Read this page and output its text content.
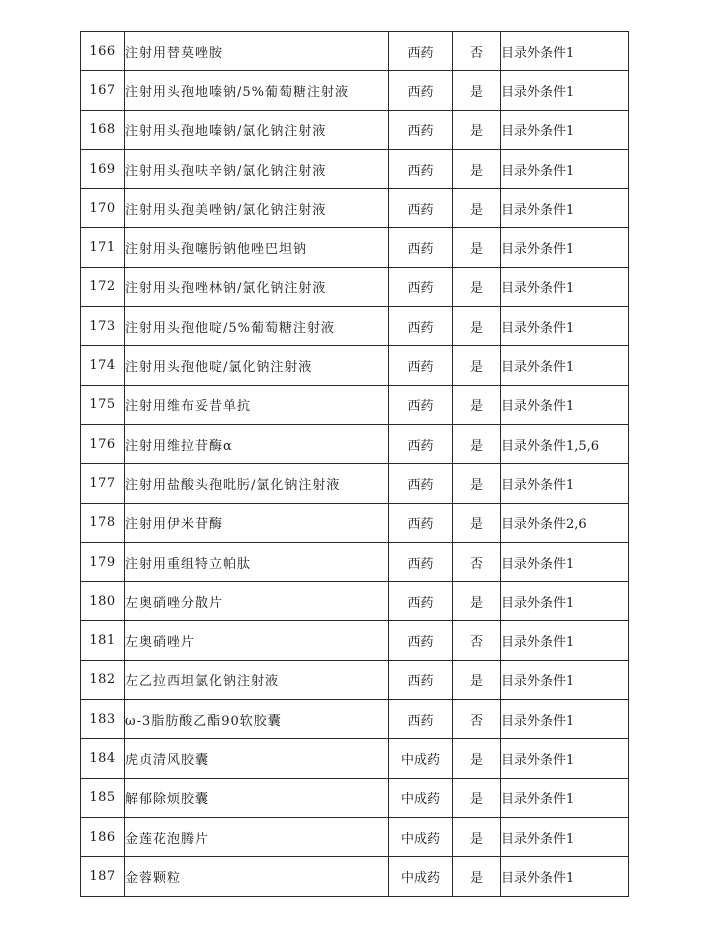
166	注射用替莫唑胺	西药	否	目录外条件1
167	注射用头孢地嗪钠/5%葡萄糖注射液	西药	是	目录外条件1
168	注射用头孢地嗪钠/氯化钠注射液	西药	是	目录外条件1
169	注射用头孢呋辛钠/氯化钠注射液	西药	是	目录外条件1
170	注射用头孢美唑钠/氯化钠注射液	西药	是	目录外条件1
171	注射用头孢噻肟钠他唑巴坦钠	西药	是	目录外条件1
172	注射用头孢唑林钠/氯化钠注射液	西药	是	目录外条件1
173	注射用头孢他啶/5%葡萄糖注射液	西药	是	目录外条件1
174	注射用头孢他啶/氯化钠注射液	西药	是	目录外条件1
175	注射用维布妥昔单抗	西药	是	目录外条件1
176	注射用维拉苷酶α	西药	是	目录外条件1,5,6
177	注射用盐酸头孢吡肟/氯化钠注射液	西药	是	目录外条件1
178	注射用伊米苷酶	西药	是	目录外条件2,6
179	注射用重组特立帕肽	西药	否	目录外条件1
180	左奥硝唑分散片	西药	是	目录外条件1
181	左奥硝唑片	西药	否	目录外条件1
182	左乙拉西坦氯化钠注射液	西药	是	目录外条件1
183	ω-3脂肪酸乙酯90软胶囊	西药	否	目录外条件1
184	虎贞清风胶囊	中成药	是	目录外条件1
185	解郁除烦胶囊	中成药	是	目录外条件1
186	金莲花泡腾片	中成药	是	目录外条件1
187	金蓉颗粒	中成药	是	目录外条件1
